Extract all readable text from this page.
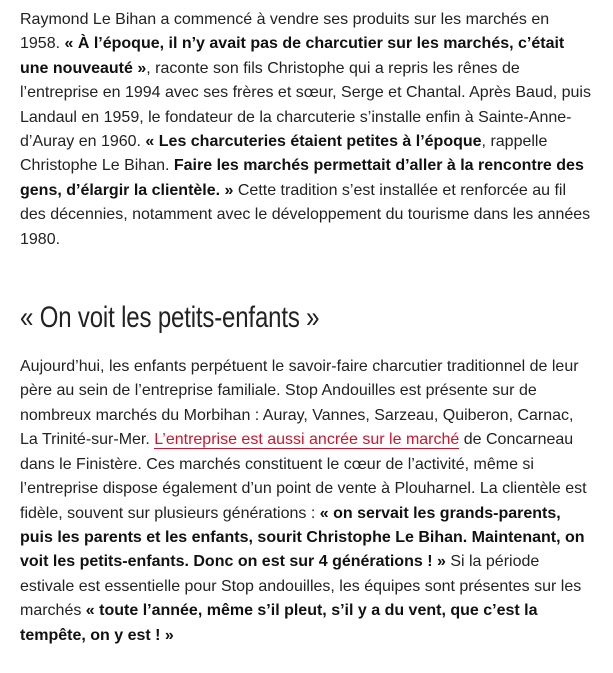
Raymond Le Bihan a commencé à vendre ses produits sur les marchés en 1958. « À l’époque, il n’y avait pas de charcutier sur les marchés, c’était une nouveauté », raconte son fils Christophe qui a repris les rênes de l’entreprise en 1994 avec ses frères et sœur, Serge et Chantal. Après Baud, puis Landaul en 1959, le fondateur de la charcuterie s’installe enfin à Sainte-Anne-d’Auray en 1960. « Les charcuteries étaient petites à l’époque, rappelle Christophe Le Bihan. Faire les marchés permettait d’aller à la rencontre des gens, d’élargir la clientèle. » Cette tradition s’est installée et renforcée au fil des décennies, notamment avec le développement du tourisme dans les années 1980.

« On voit les petits-enfants »

Aujourd’hui, les enfants perpétuent le savoir-faire charcutier traditionnel de leur père au sein de l’entreprise familiale. Stop Andouilles est présente sur de nombreux marchés du Morbihan : Auray, Vannes, Sarzeau, Quiberon, Carnac, La Trinité-sur-Mer. L’entreprise est aussi ancrée sur le marché de Concarneau dans le Finistère. Ces marchés constituent le cœur de l’activité, même si l’entreprise dispose également d’un point de vente à Plouharnel. La clientèle est fidèle, souvent sur plusieurs générations : « on servait les grands-parents, puis les parents et les enfants, sourit Christophe Le Bihan. Maintenant, on voit les petits-enfants. Donc on est sur 4 générations ! » Si la période estivale est essentielle pour Stop andouilles, les équipes sont présentes sur les marchés « toute l’année, même s’il pleut, s’il y a du vent, que c’est la tempête, on y est ! »
